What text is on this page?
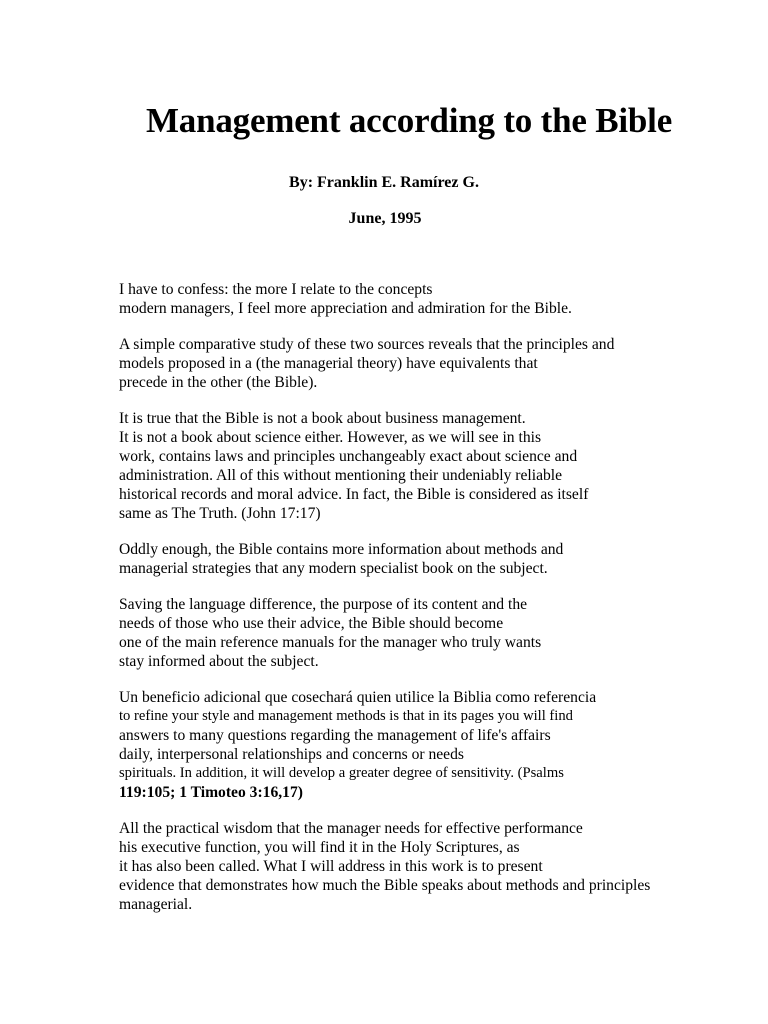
Management according to the Bible
By: Franklin E. Ramírez G.
June, 1995

I have to confess: the more I relate to the concepts
modern managers, I feel more appreciation and admiration for the Bible.

A simple comparative study of these two sources reveals that the principles and
models proposed in a (the managerial theory) have equivalents that
precede in the other (the Bible).

It is true that the Bible is not a book about business management.
It is not a book about science either. However, as we will see in this
work, contains laws and principles unchangeably exact about science and
administration. All of this without mentioning their undeniably reliable
historical records and moral advice. In fact, the Bible is considered as itself
same as The Truth. (John 17:17)

Oddly enough, the Bible contains more information about methods and
managerial strategies that any modern specialist book on the subject.

Saving the language difference, the purpose of its content and the
needs of those who use their advice, the Bible should become
one of the main reference manuals for the manager who truly wants
stay informed about the subject.

Un beneficio adicional que cosechará quien utilice la Biblia como referencia
to refine your style and management methods is that in its pages you will find
answers to many questions regarding the management of life's affairs
daily, interpersonal relationships and concerns or needs
spirituals. In addition, it will develop a greater degree of sensitivity. (Psalms
119:105; 1 Timoteo 3:16,17)

All the practical wisdom that the manager needs for effective performance
his executive function, you will find it in the Holy Scriptures, as
it has also been called. What I will address in this work is to present
evidence that demonstrates how much the Bible speaks about methods and principles
managerial.
